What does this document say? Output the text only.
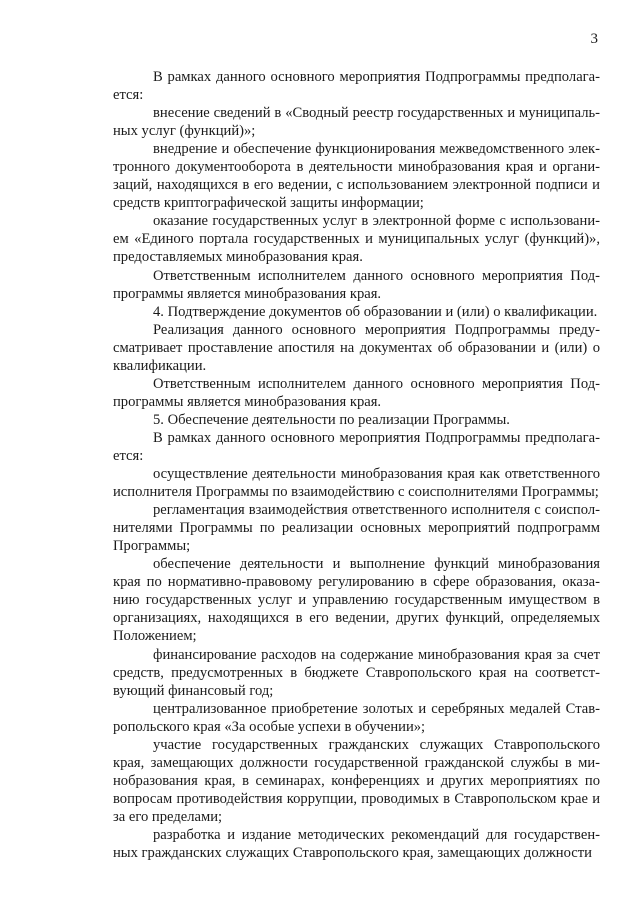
3

В рамках данного основного мероприятия Подпрограммы предполага-ется:

внесение сведений в «Сводный реестр государственных и муниципаль-ных услуг (функций)»;

внедрение и обеспечение функционирования межведомственного элек-тронного документооборота в деятельности минобразования края и органи-заций, находящихся в его ведении, с использованием электронной подписи и средств криптографической защиты информации;

оказание государственных услуг в электронной форме с использовани-ем «Единого портала государственных и муниципальных услуг (функций)», предоставляемых минобразования края.

Ответственным исполнителем данного основного мероприятия Под-программы является минобразования края.

4. Подтверждение документов об образовании и (или) о квалификации.

Реализация данного основного мероприятия Подпрограммы преду-сматривает проставление апостиля на документах об образовании и (или) о квалификации.

Ответственным исполнителем данного основного мероприятия Под-программы является минобразования края.

5. Обеспечение деятельности по реализации Программы.

В рамках данного основного мероприятия Подпрограммы предполага-ется:

осуществление деятельности минобразования края как ответственного исполнителя Программы по взаимодействию с соисполнителями Программы;

регламентация взаимодействия ответственного исполнителя с соиспол-нителями Программы по реализации основных мероприятий подпрограмм Программы;

обеспечение деятельности и выполнение функций минобразования края по нормативно-правовому регулированию в сфере образования, оказа-нию государственных услуг и управлению государственным имуществом в организациях, находящихся в его ведении, других функций, определяемых Положением;

финансирование расходов на содержание минобразования края за счет средств, предусмотренных в бюджете Ставропольского края на соответст-вующий финансовый год;

централизованное приобретение золотых и серебряных медалей Став-ропольского края «За особые успехи в обучении»;

участие государственных гражданских служащих Ставропольского края, замещающих должности государственной гражданской службы в ми-нобразования края, в семинарах, конференциях и других мероприятиях по вопросам противодействия коррупции, проводимых в Ставропольском крае и за его пределами;

разработка и издание методических рекомендаций для государствен-ных гражданских служащих Ставропольского края, замещающих должности
